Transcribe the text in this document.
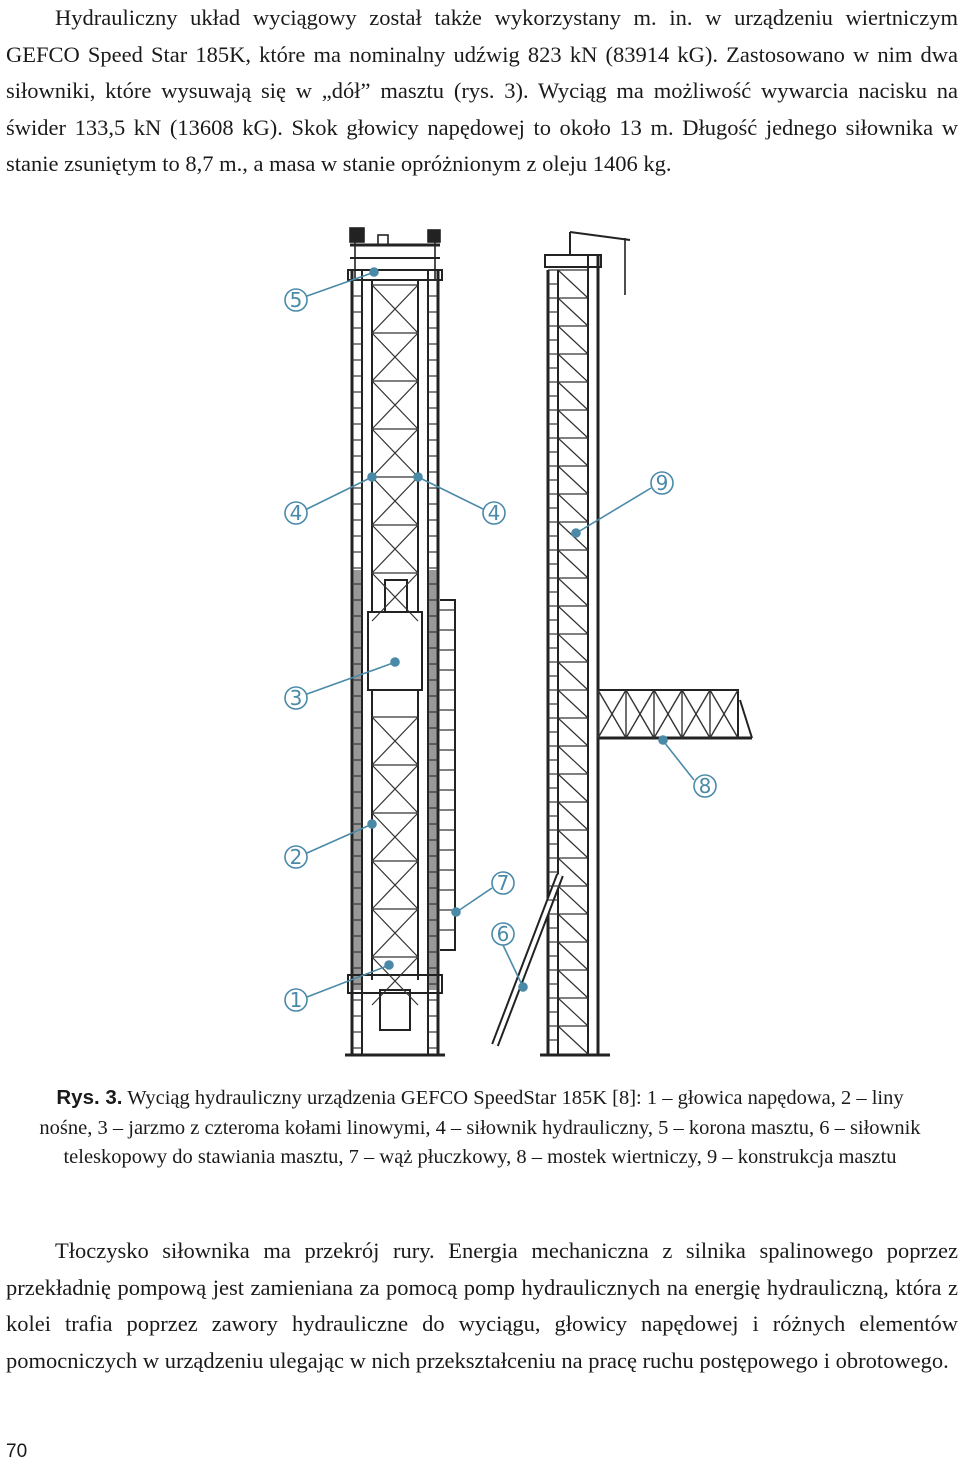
Hydrauliczny układ wyciągowy został także wykorzystany m. in. w urządzeniu wiertniczym GEFCO Speed Star 185K, które ma nominalny udźwig 823 kN (83914 kG). Zastosowano w nim dwa siłowniki, które wysuwają się w „dół” masztu (rys. 3). Wyciąg ma możliwość wywarcia nacisku na świder 133,5 kN (13608 kG). Skok głowicy napędowej to około 13 m. Długość jednego siłownika w stanie zsuniętym to 8,7 m., a masa w stanie opróżnionym z oleju 1406 kg.

5
4	4
9
3
8
2
7
6
1
Rys. 3. Wyciąg hydrauliczny urządzenia GEFCO SpeedStar 185K [8]: 1 – głowica napędowa, 2 – liny nośne, 3 – jarzmo z czteroma kołami linowymi, 4 – siłownik hydrauliczny, 5 – korona masztu, 6 – siłownik teleskopowy do stawiania masztu, 7 – wąż płuczkowy, 8 – mostek wiertniczy, 9 – konstrukcja masztu

Tłoczysko siłownika ma przekrój rury. Energia mechaniczna z silnika spalinowego poprzez przekładnię pompową jest zamieniana za pomocą pomp hydraulicznych na energię hydrauliczną, która z kolei trafia poprzez zawory hydrauliczne do wyciągu, głowicy napędowej i różnych elementów pomocniczych w urządzeniu ulegając w nich przekształceniu na pracę ruchu postępowego i obrotowego.

70
